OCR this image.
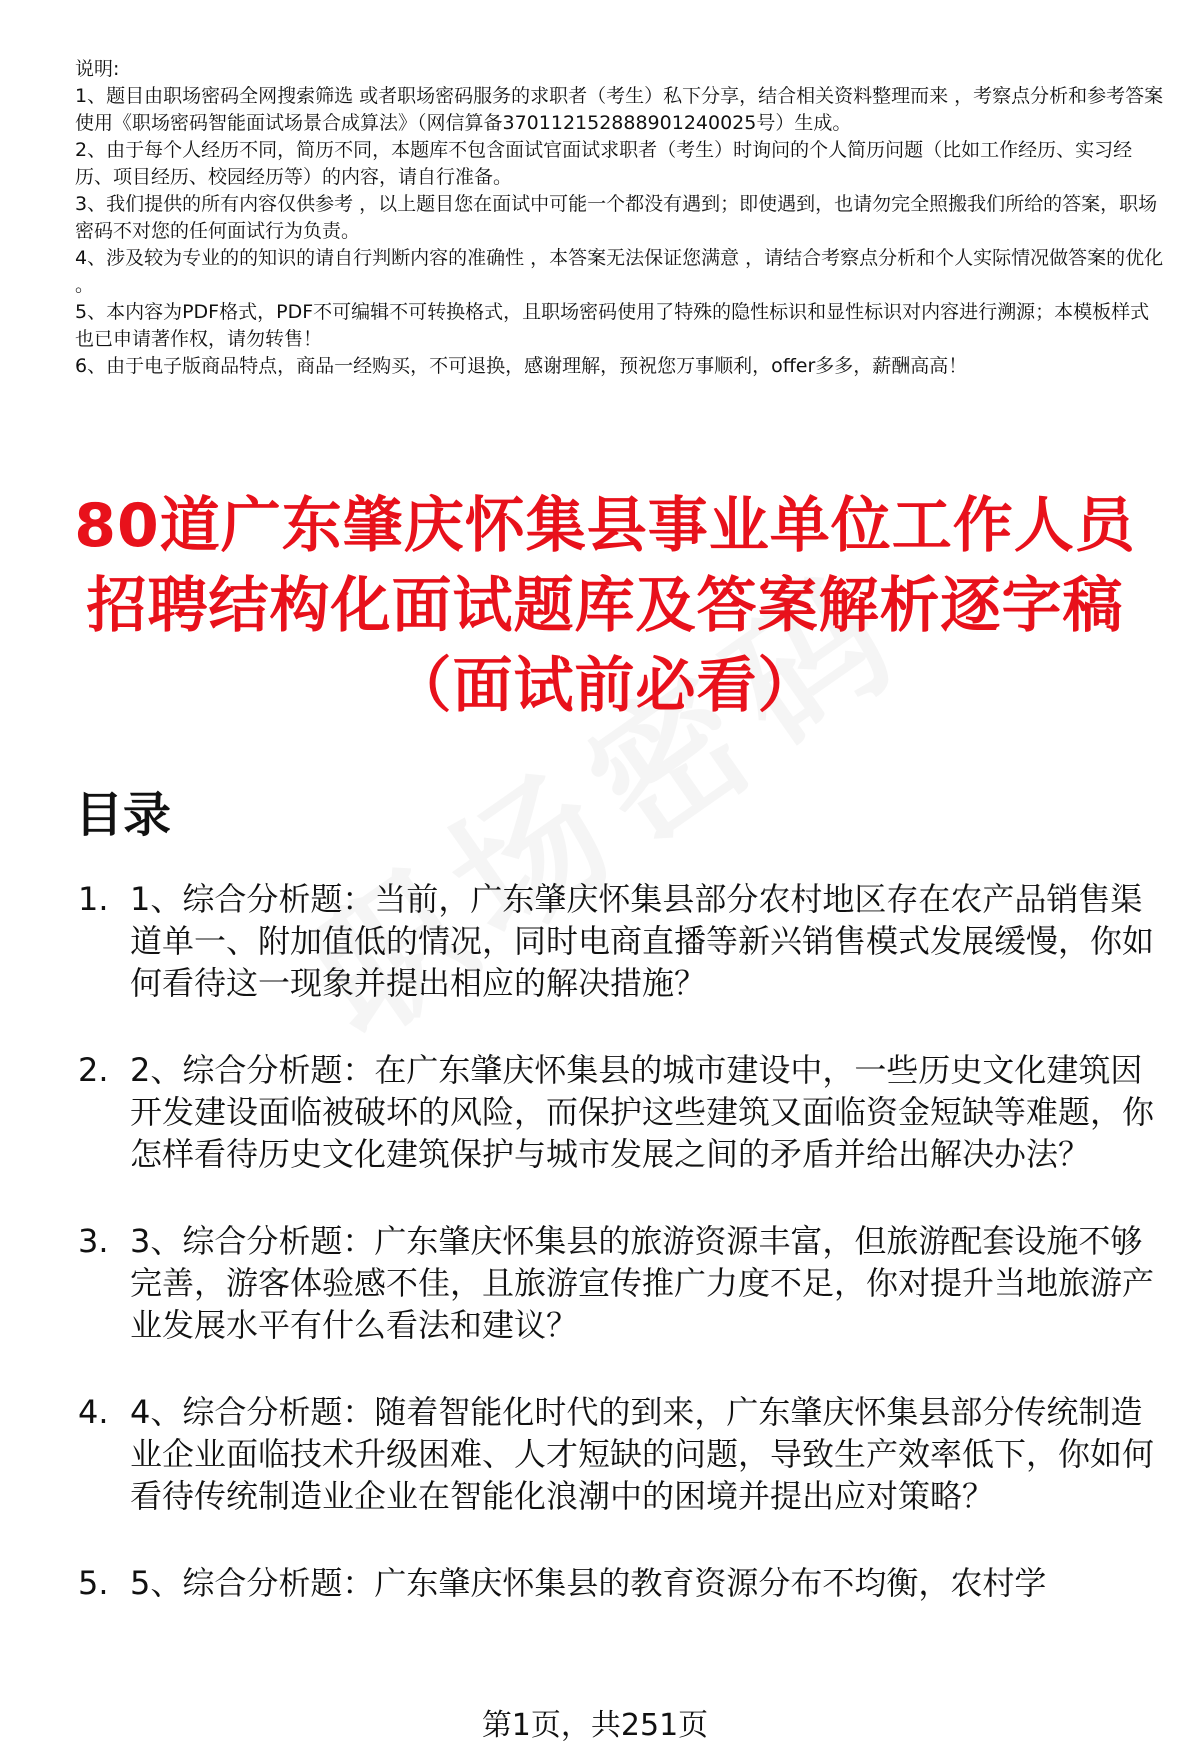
说明:

1、题目由职场密码全网搜索筛选 或者职场密码服务的求职者（考生）私下分享，结合相关资料整理而来 ，考察点分析和参考答案使用《职场密码智能面试场景合成算法》（网信算备370112152888901240025号）生成。

2、由于每个人经历不同，简历不同，本题库不包含面试官面试求职者（考生）时询问的个人简历问题（比如工作经历、实习经历、项目经历、校园经历等）的内容，请自行准备。

3、我们提供的所有内容仅供参考 ，以上题目您在面试中可能一个都没有遇到；即使遇到，也请勿完全照搬我们所给的答案，职场密码不对您的任何面试行为负责。

4、涉及较为专业的的知识的请自行判断内容的准确性 ，本答案无法保证您满意 ，请结合考察点分析和个人实际情况做答案的优化 。

5、本内容为PDF格式，PDF不可编辑不可转换格式，且职场密码使用了特殊的隐性标识和显性标识对内容进行溯源；本模板样式也已申请著作权，请勿转售！

6、由于电子版商品特点，商品一经购买，不可退换，感谢理解，预祝您万事顺利，offer多多，薪酬高高！

80道广东肇庆怀集县事业单位工作人员招聘结构化面试题库及答案解析逐字稿（面试前必看）
目录
1. 1、综合分析题：当前，广东肇庆怀集县部分农村地区存在农产品销售渠道单一、附加值低的情况，同时电商直播等新兴销售模式发展缓慢，你如何看待这一现象并提出相应的解决措施？
2. 2、综合分析题：在广东肇庆怀集县的城市建设中，一些历史文化建筑因开发建设面临被破坏的风险，而保护这些建筑又面临资金短缺等难题，你怎样看待历史文化建筑保护与城市发展之间的矛盾并给出解决办法？
3. 3、综合分析题：广东肇庆怀集县的旅游资源丰富，但旅游配套设施不够完善，游客体验感不佳，且旅游宣传推广力度不足，你对提升当地旅游产业发展水平有什么看法和建议？
4. 4、综合分析题：随着智能化时代的到来，广东肇庆怀集县部分传统制造业企业面临技术升级困难、人才短缺的问题，导致生产效率低下，你如何看待传统制造业企业在智能化浪潮中的困境并提出应对策略？
5. 5、综合分析题：广东肇庆怀集县的教育资源分布不均衡，农村学
第1页，共251页
